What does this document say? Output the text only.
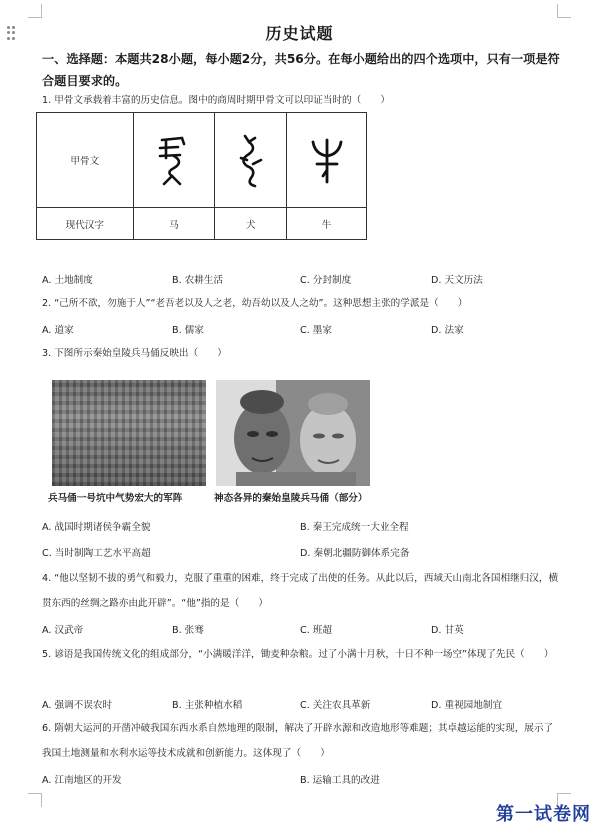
历史试题
一、选择题：本题共28小题，每小题2分，共56分。在每小题给出的四个选项中，只有一项是符合题目要求的。
1. 甲骨文承载着丰富的历史信息。图中的商周时期甲骨文可以印证当时的（　　）
甲骨文	

现代汉字	马	犬	牛
A. 土地制度	B. 农耕生活	C. 分封制度	D. 天文历法
2. “己所不欲，勿施于人”“老吾老以及人之老，幼吾幼以及人之幼”。这种思想主张的学派是（　　）
A. 道家	B. 儒家	C. 墨家	D. 法家
3. 下图所示秦始皇陵兵马俑反映出（　　）
兵马俑一号坑中气势宏大的军阵	神态各异的秦始皇陵兵马俑（部分）
A. 战国时期诸侯争霸全貌	B. 秦王完成统一大业全程
C. 当时制陶工艺水平高超	D. 秦朝北疆防御体系完备
4. “他以坚韧不拔的勇气和毅力，克服了重重的困难，终于完成了出使的任务。从此以后，西域天山南北各国相继归汉，横贯东西的丝绸之路亦由此开辟”。“他”指的是（　　）
A. 汉武帝	B. 张骞	C. 班超	D. 甘英
5. 谚语是我国传统文化的组成部分，“小满暖洋洋，锄麦种杂粮。过了小满十月秋，十日不种一场空”体现了先民（　　）
A. 强调不误农时	B. 主张种植水稻	C. 关注农具革新	D. 重视园地制宜
6. 隋朝大运河的开凿冲破我国东西水系自然地理的限制，解决了开辟水源和改造地形等难题；其卓越运能的实现，展示了我国土地测量和水利水运等技术成就和创新能力。这体现了（　　）
A. 江南地区的开发	B. 运输工具的改进
第一试卷网
